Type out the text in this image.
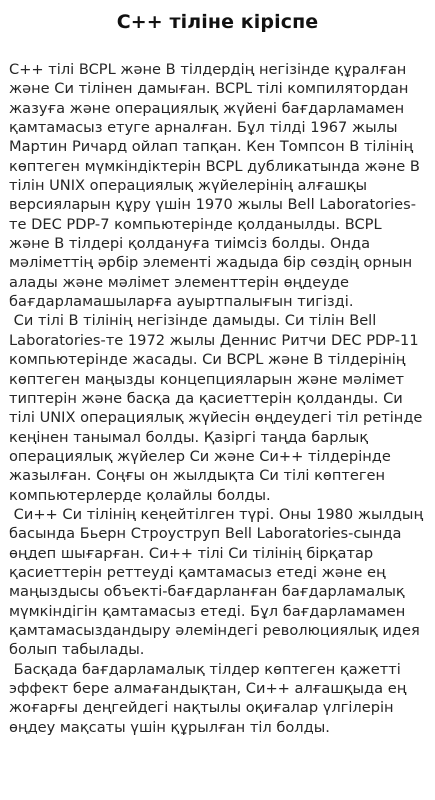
C++ тіліне кіріспе

C++ тілі BCPL және B тілдердің негізінде құралған және Си тілінен дамыған. BCPL тілі компилятордан жазуға және операциялық жүйені бағдарламамен қамтамасыз етуге арналған. Бұл тілді 1967 жылы Мартин Ричард ойлап тапқан. Кен Томпсон B тілінің көптеген мүмкіндіктерін BCPL дубликатында және B тілін UNIX операциялық жүйелерінің алғашқы версияларын құру үшін 1970 жылы Bell Laboratories-те DEC PDP-7 компьютерінде қолданылды. BCPL және B тілдері қолдануға тиімсіз болды. Онда мәліметтің әрбір элементі жадыда бір сөздің орнын алады және мәлімет элементтерін өңдеуде бағдарламашыларға ауыртпалығын тигізді.

Си тілі B тілінің негізінде дамыды. Си тілін Bell Laboratories-те 1972 жылы Деннис Ритчи DEC PDP-11 компьютерінде жасады. Си BCPL және B тілдерінің көптеген маңызды концепцияларын және мәлімет типтерін және басқа да қасиеттерін қолданды. Си тілі UNIX операциялық жүйесін өңдеудегі тіл ретінде кеңінен танымал болды. Қазіргі таңда барлық операциялық жүйелер Си және Си++ тілдерінде жазылған. Соңғы он жылдықта Си тілі көптеген компьютерлерде қолайлы болды.

Си++ Си тілінің кеңейтілген түрі. Оны 1980 жылдың басында Бьерн Строуструп Bell Laboratories-сында өңдеп шығарған. Си++ тілі Си тілінің бірқатар қасиеттерін реттеуді қамтамасыз етеді және ең маңыздысы объекті-бағдарланған бағдарламалық мүмкіндігін қамтамасыз етеді. Бұл бағдарламамен қамтамасыздандыру әлеміндегі революциялық идея болып табылады.

Басқада бағдарламалық тілдер көптеген қажетті эффект бере алмағандықтан, Си++ алғашқыда ең жоғарғы деңгейдегі нақтылы оқиғалар үлгілерін өңдеу мақсаты үшін құрылған тіл болды.
